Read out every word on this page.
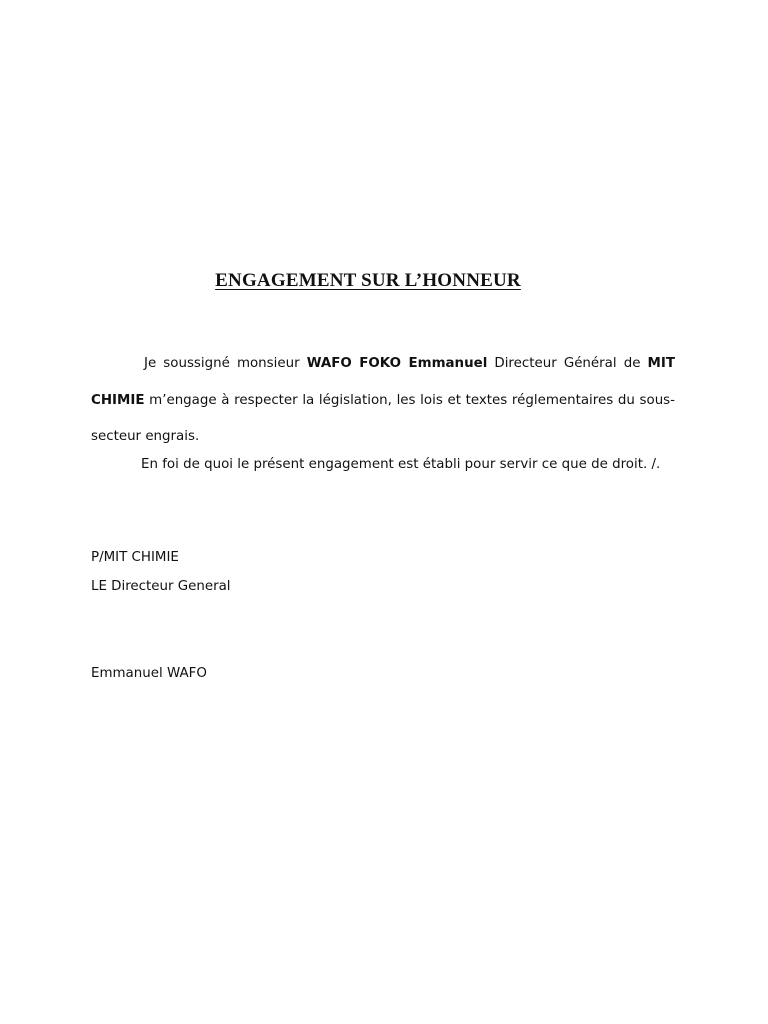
ENGAGEMENT SUR L’HONNEUR

Je soussigné monsieur WAFO FOKO Emmanuel Directeur Général de MIT CHIMIE m’engage à respecter la législation, les lois et textes réglementaires du sous-secteur engrais.

En foi de quoi le présent engagement est établi pour servir ce que de droit. /.

P/MIT CHIMIE
LE Directeur General
Emmanuel WAFO
